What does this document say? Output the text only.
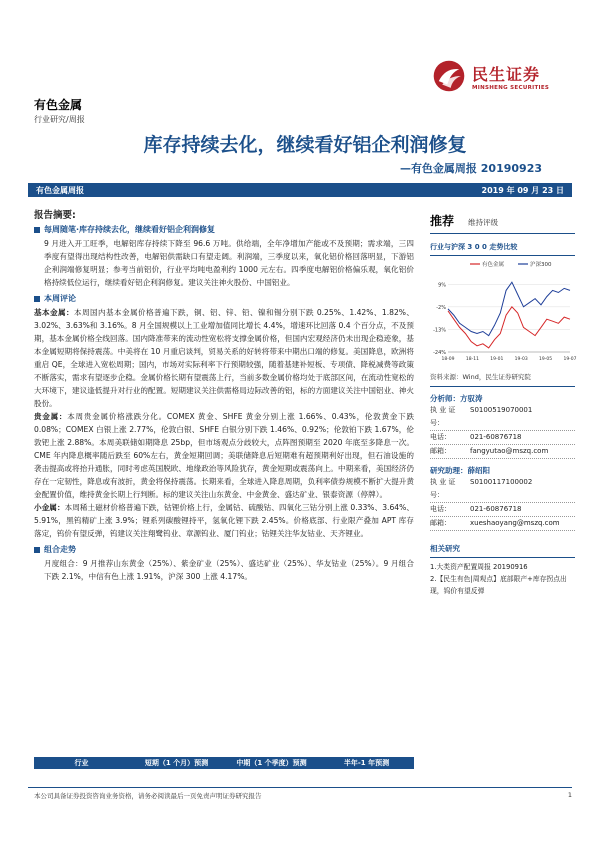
民生证券
MINSHENG SECURITIES
有色金属
行业研究/周报
库存持续去化，继续看好铝企利润修复
—有色金属周报 20190923
有色金属周报	2019 年 09 月 23 日
报告摘要:
每周随笔·库存持续去化，继续看好铝企利润修复
9 月进入开工旺季，电解铝库存持续下降至 96.6 万吨。供给端，全年净增加产能或不及预期；需求端，三四季度有望得出现结构性改善，电解铝供需缺口有望走阔。利润端，三季度以来，氧化铝价格回落明显，下游铝企利润端修复明显；参考当前铝价，行业平均吨电盈利约 1000 元左右。四季度电解铝价格偏乐观，氧化铝价格持续低位运行，继续看好铝企利润修复。建议关注神火股份、中国铝业。
本周评论
基本金属：本周国内基本金属价格普遍下跌，铜、铝、锌、铅、镍和锡分别下跌 0.25%、1.42%、1.82%、3.02%、3.63%和 3.16%。8 月全国规模以上工业增加值同比增长 4.4%，增速环比回落 0.4 个百分点，不及预期，基本金属价格全线回落。国内降准带来的流动性宽松将支撑金属价格，但国内宏观经济仍未出现企稳迹象，基本金属短期将保持震荡。中美将在 10 月重启谈判，贸易关系的好转将带来中期出口端的修复。美国降息，欧洲将重启 QE，全球进入宽松周期；国内，市场对实际利率下行预期较强，随着基建补短板、专项债、降税减费等政策不断落实，需求有望逐步企稳。金属价格长期有望震荡上行，当前多数金属价格均处于底部区间，在流动性宽松的大环境下，建议逢低提升对行业的配置。短期建议关注供需格局边际改善的铝，标的方面建议关注中国铝业、神火股份。
贵金属：本周贵金属价格涨跌分化。COMEX 黄金、SHFE 黄金分别上涨 1.66%、0.43%，伦敦黄金下跌 0.08%；COMEX 白银上涨 2.77%，伦敦白银、SHFE 白银分别下跌 1.46%、0.92%；伦敦铂下跌 1.67%，伦敦钯上涨 2.88%。本周美联储如期降息 25bp，但市场观点分歧较大，点阵图预期至 2020 年底至多降息一次。CME 年内降息概率随后跌至 60%左右，黄金短期回调；美联储降息后短期难有超预期利好出现，但石油设施的袭击提高或将抬升通胀，同时考虑英国脱欧、地缘政治等风险犹存，黄金短期或震荡向上。中期来看，美国经济仍存在一定韧性，降息或有波折，黄金将保持震荡。长期来看，全球进入降息周期，负利率债券规模不断扩大提升黄金配置价值，维持黄金长期上行判断。标的建议关注山东黄金、中金黄金、盛达矿业、银泰资源（停牌）。
小金属：本周稀土磁材价格普遍下跌，钴锂价格上行，金属钴、硫酸钴、四氧化三钴分别上涨 0.33%、3.64%、5.91%，黑钨精矿上涨 3.9%；锂系列碳酸锂持平，氢氧化锂下跌 2.45%。价格底部、行业限产叠加 APT 库存落定，钨价有望反弹，钨建议关注翔鹭钨业、章源钨业、厦门钨业；钴锂关注华友钴业、天齐锂业。
组合走势
月度组合：9 月推荐山东黄金（25%）、紫金矿业（25%）、盛达矿业（25%）、华友钴业（25%）。9 月组合下跌 2.1%，中信有色上涨 1.91%，沪深 300 上涨 4.17%。
行业	短期（1 个月）预测	中期（1 个季度）预测	半年-1 年预测
推荐 维持评级
行业与沪深 3 0 0 走势比较
有色金属	沪深300
9%
-2%
-13%
-24%
18-09	18-11	19-01	19-03	19-05	19-07
资料来源：Wind，民生证券研究院
分析师：方驭涛
执 业 证 号：
S0100519070001
电话：	021-60876718
邮箱：	fangyutao@mszq.com
研究助理：薛绍阳
执 业 证 号：
S0100117100002
电话：	021-60876718
邮箱：	xueshaoyang@mszq.com
相关研究
1.大类资产配置周报 20190916
2.【民生有色|周观点】底部限产+库存拐点出现，钨价有望反弹
本公司具备证券投资咨询业务资格，请务必阅读最后一页免责声明证券研究报告	1
